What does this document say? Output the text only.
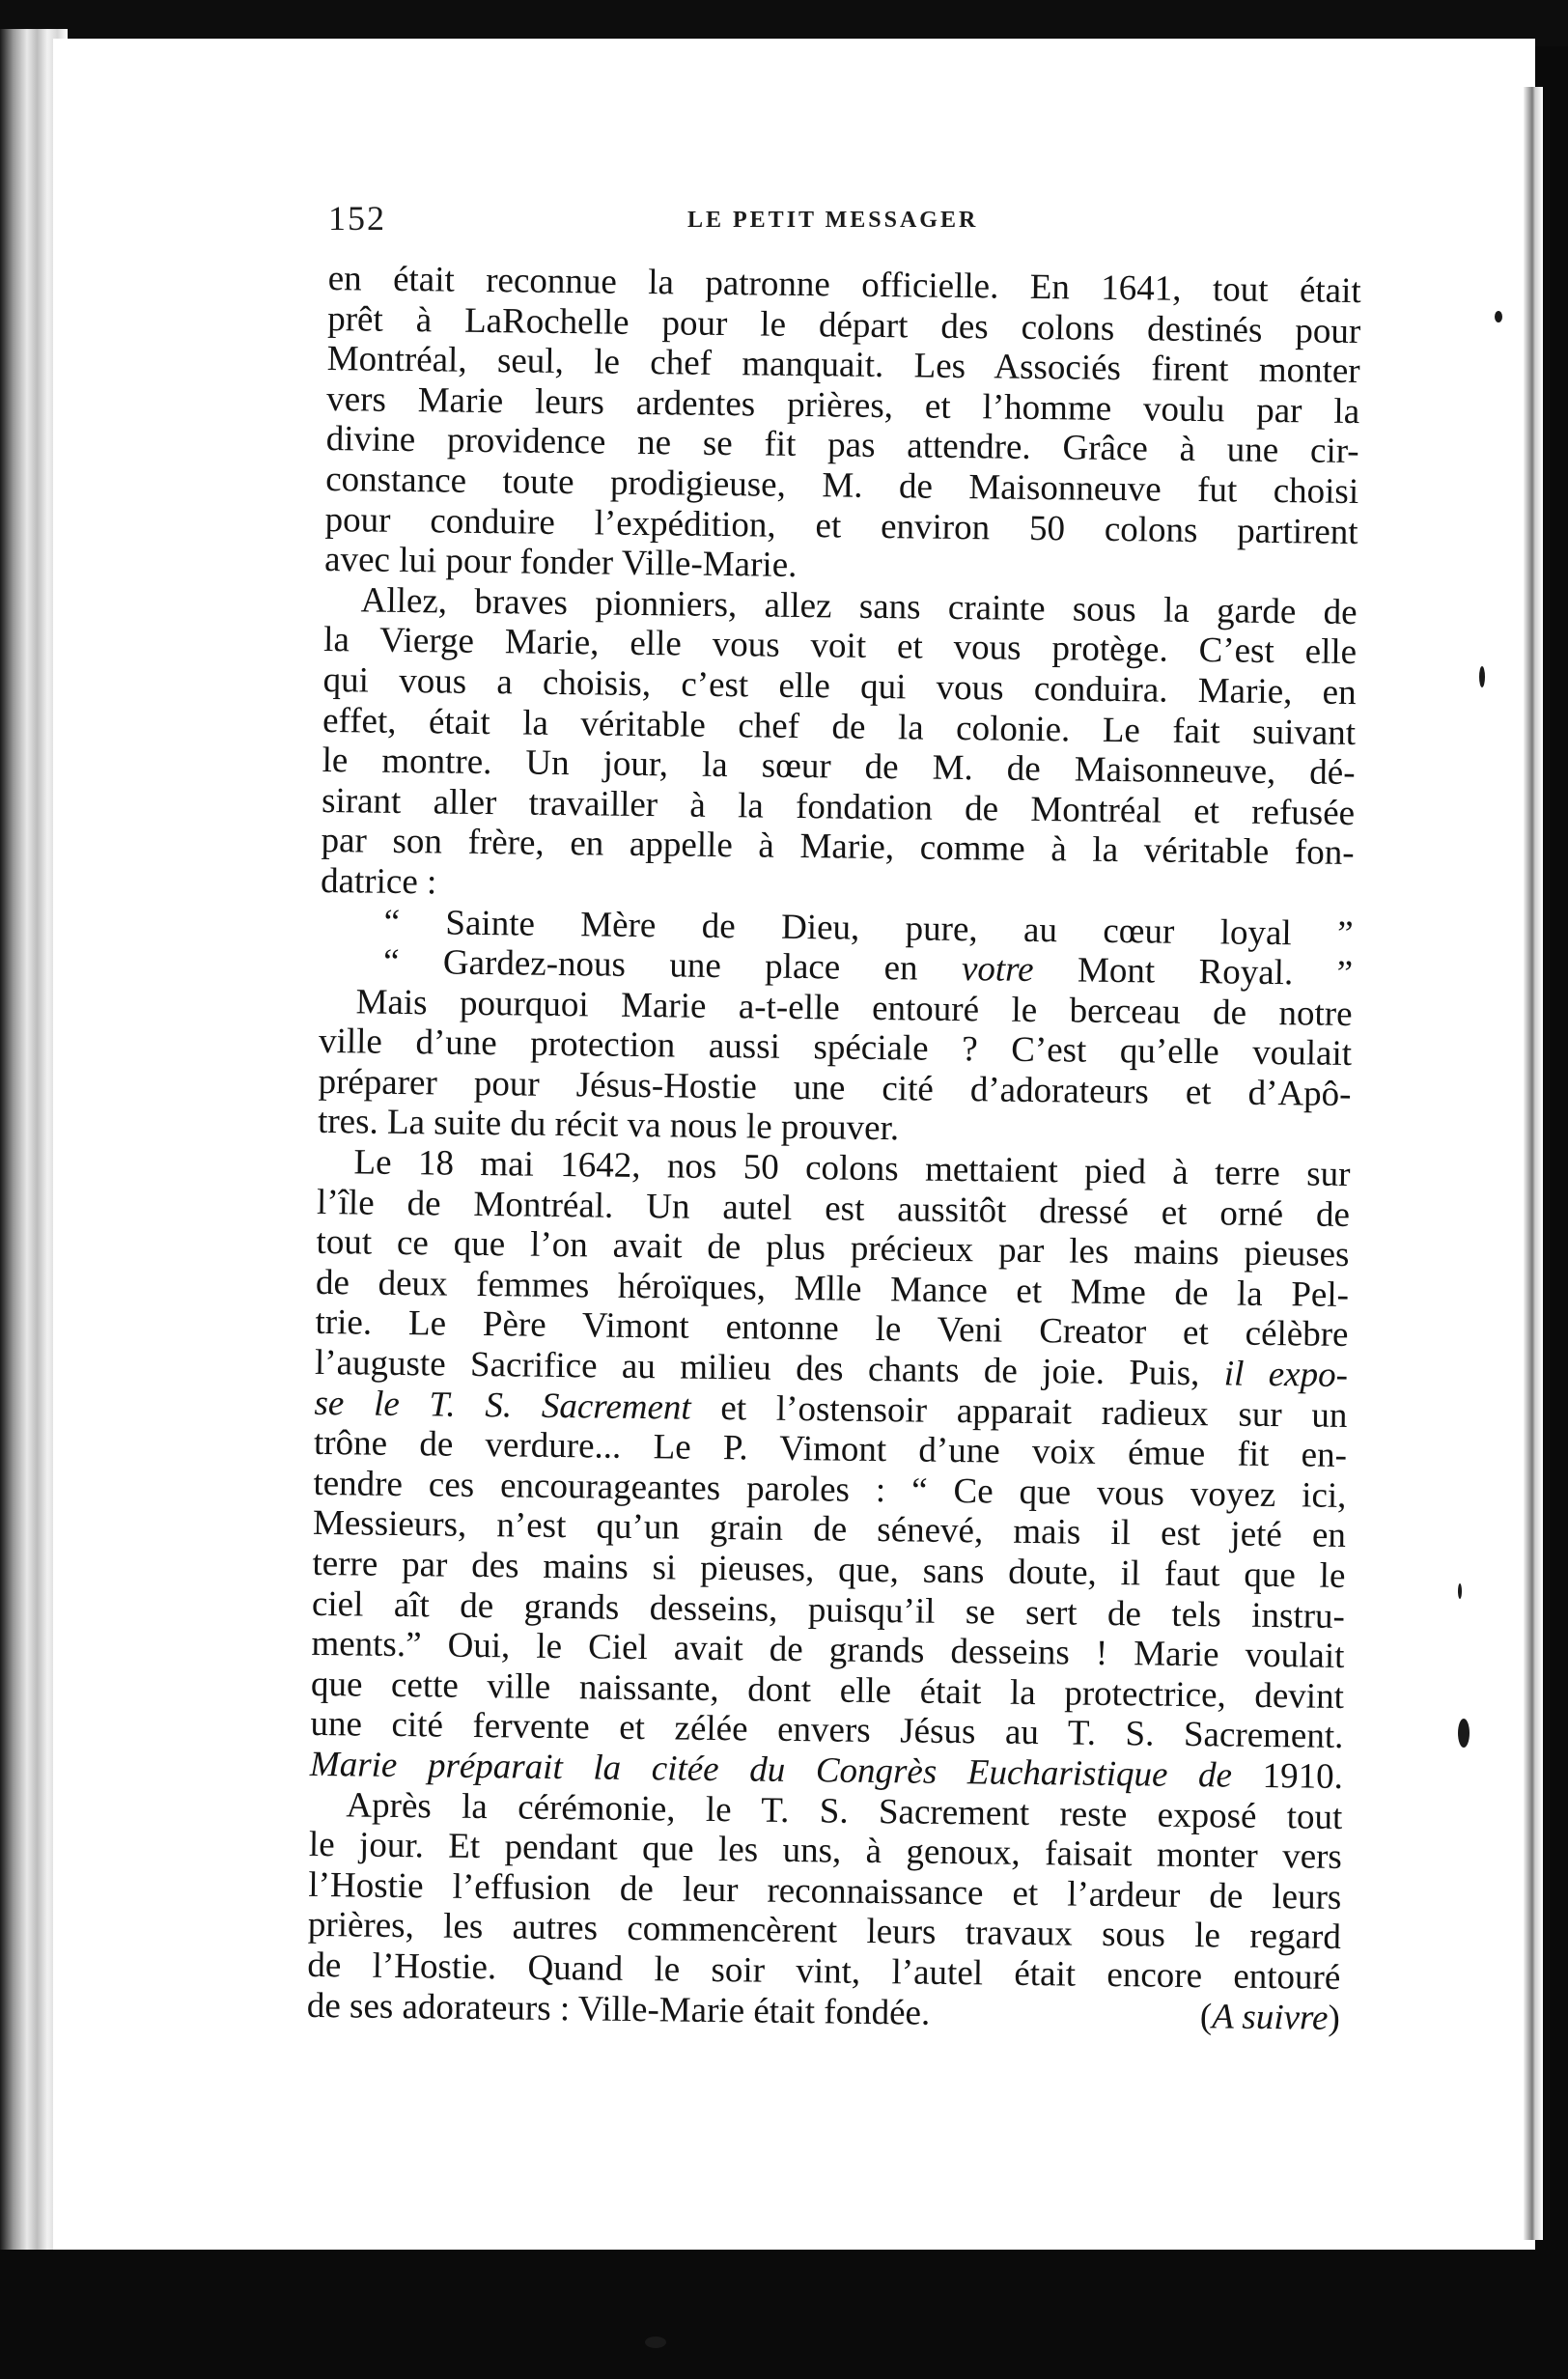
152	LE PETIT MESSAGER

en était reconnue la patronne officielle. En 1641, tout était

prêt à LaRochelle pour le départ des colons destinés pour

Montréal, seul, le chef manquait. Les Associés firent monter

vers Marie leurs ardentes prières, et l’homme voulu par la

divine providence ne se fit pas attendre. Grâce à une cir-

constance toute prodigieuse, M. de Maisonneuve fut choisi

pour conduire l’expédition, et environ 50 colons partirent

avec lui pour fonder Ville-Marie.

Allez, braves pionniers, allez sans crainte sous la garde de

la Vierge Marie, elle vous voit et vous protège. C’est elle

qui vous a choisis, c’est elle qui vous conduira. Marie, en

effet, était la véritable chef de la colonie. Le fait suivant

le montre. Un jour, la sœur de M. de Maisonneuve, dé-

sirant aller travailler à la fondation de Montréal et refusée

par son frère, en appelle à Marie, comme à la véritable fon-

datrice :

“ Sainte Mère de Dieu, pure, au cœur loyal ”

“ Gardez-nous une place en votre Mont Royal. ”

Mais pourquoi Marie a-t-elle entouré le berceau de notre

ville d’une protection aussi spéciale ? C’est qu’elle voulait

préparer pour Jésus-Hostie une cité d’adorateurs et d’Apô-

tres. La suite du récit va nous le prouver.

Le 18 mai 1642, nos 50 colons mettaient pied à terre sur

l’île de Montréal. Un autel est aussitôt dressé et orné de

tout ce que l’on avait de plus précieux par les mains pieuses

de deux femmes héroïques, Mlle Mance et Mme de la Pel-

trie. Le Père Vimont entonne le Veni Creator et célèbre

l’auguste Sacrifice au milieu des chants de joie. Puis, il expo-

se le T. S. Sacrement et l’ostensoir apparait radieux sur un

trône de verdure... Le P. Vimont d’une voix émue fit en-

tendre ces encourageantes paroles : “ Ce que vous voyez ici,

Messieurs, n’est qu’un grain de sénevé, mais il est jeté en

terre par des mains si pieuses, que, sans doute, il faut que le

ciel aît de grands desseins, puisqu’il se sert de tels instru-

ments.” Oui, le Ciel avait de grands desseins ! Marie voulait

que cette ville naissante, dont elle était la protectrice, devint

une cité fervente et zélée envers Jésus au T. S. Sacrement.

Marie préparait la citée du Congrès Eucharistique de 1910.

Après la cérémonie, le T. S. Sacrement reste exposé tout

le jour. Et pendant que les uns, à genoux, faisait monter vers

l’Hostie l’effusion de leur reconnaissance et l’ardeur de leurs

prières, les autres commencèrent leurs travaux sous le regard

de l’Hostie. Quand le soir vint, l’autel était encore entouré

de ses adorateurs : Ville-Marie était fondée.	(A suivre)
